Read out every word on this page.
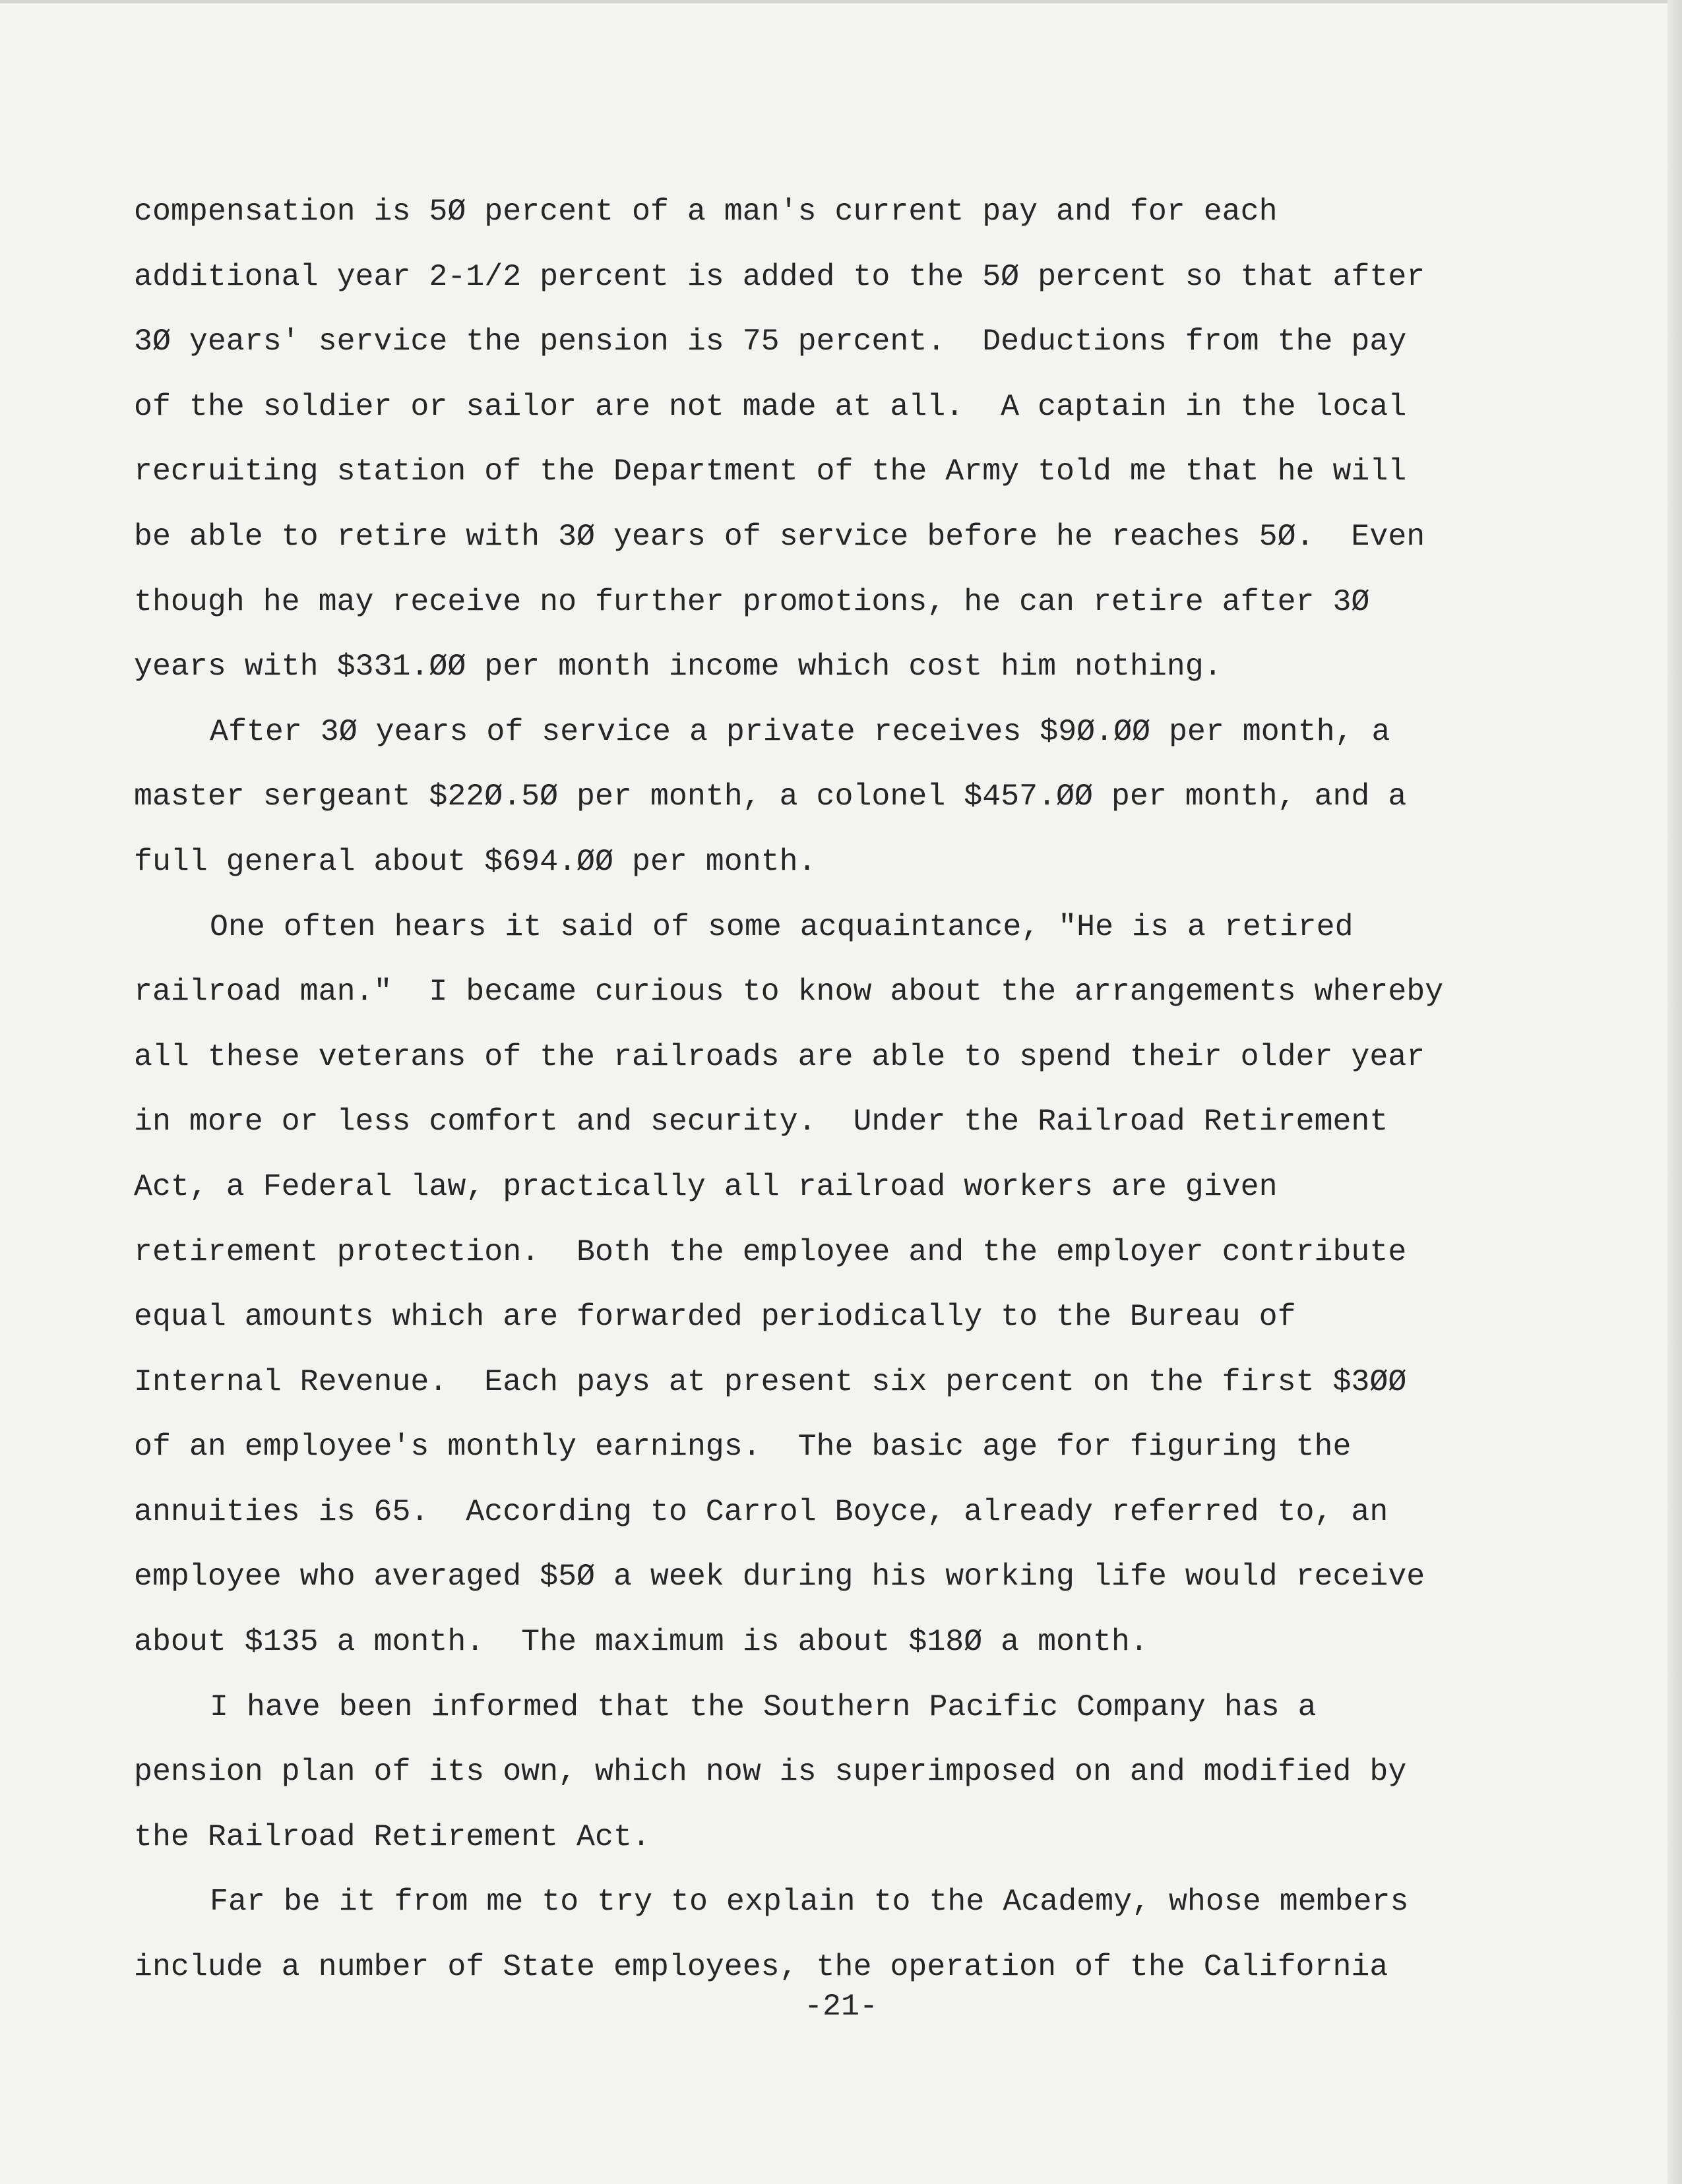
compensation is 5Ø percent of a man's current pay and for each
additional year 2-1/2 percent is added to the 5Ø percent so that after
3Ø years' service the pension is 75 percent.  Deductions from the pay
of the soldier or sailor are not made at all.  A captain in the local
recruiting station of the Department of the Army told me that he will
be able to retire with 3Ø years of service before he reaches 5Ø.  Even
though he may receive no further promotions, he can retire after 3Ø
years with $331.ØØ per month income which cost him nothing.
After 3Ø years of service a private receives $9Ø.ØØ per month, a
master sergeant $22Ø.5Ø per month, a colonel $457.ØØ per month, and a
full general about $694.ØØ per month.
One often hears it said of some acquaintance, "He is a retired
railroad man."  I became curious to know about the arrangements whereby
all these veterans of the railroads are able to spend their older year
in more or less comfort and security.  Under the Railroad Retirement
Act, a Federal law, practically all railroad workers are given
retirement protection.  Both the employee and the employer contribute
equal amounts which are forwarded periodically to the Bureau of
Internal Revenue.  Each pays at present six percent on the first $3ØØ
of an employee's monthly earnings.  The basic age for figuring the
annuities is 65.  According to Carrol Boyce, already referred to, an
employee who averaged $5Ø a week during his working life would receive
about $135 a month.  The maximum is about $18Ø a month.
I have been informed that the Southern Pacific Company has a
pension plan of its own, which now is superimposed on and modified by
the Railroad Retirement Act.
Far be it from me to try to explain to the Academy, whose members
include a number of State employees, the operation of the California
-21-
